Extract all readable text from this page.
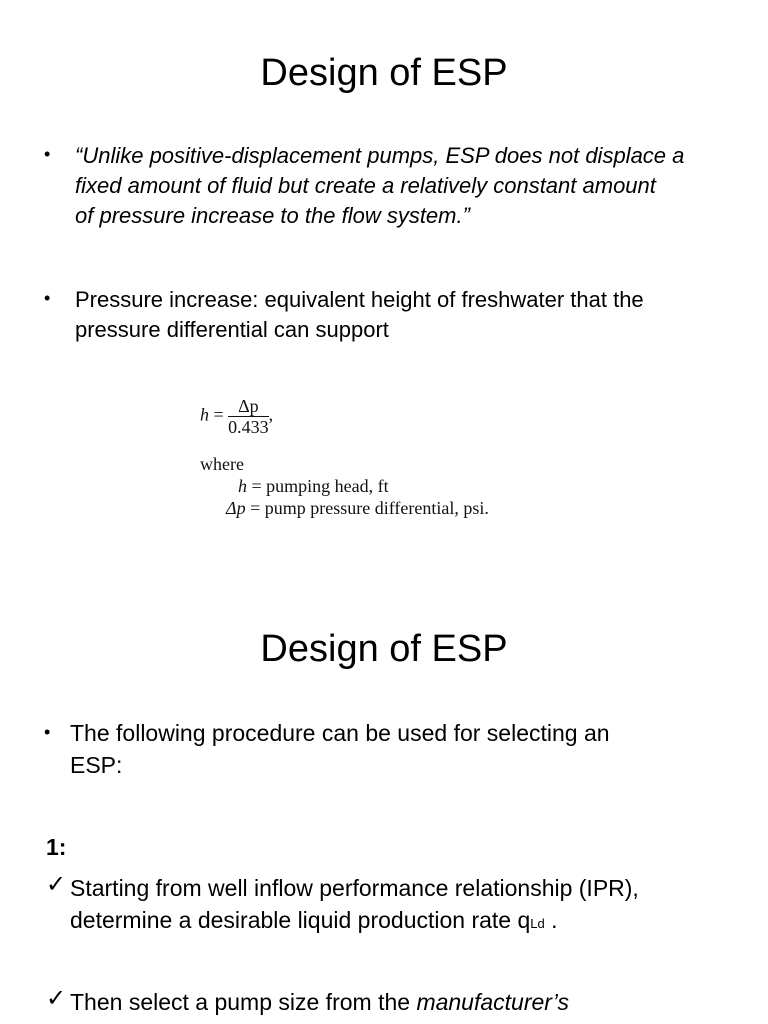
Design of ESP
• “Unlike positive-displacement pumps, ESP does not displace a
fixed amount of fluid but create a relatively constant amount
of pressure increase to the flow system.”
• Pressure increase: equivalent height of freshwater that the
pressure differential can support
$h = \frac{\Delta p}{0.433}$ ,
where
h = pumping head, ft
Δp = pump pressure differential, psi.
Design of ESP
• The following procedure can be used for selecting an
ESP:
1:
✓ Starting from well inflow performance relationship (IPR),
determine a desirable liquid production rate qLd .
✓ Then select a pump size from the manufacturer’s
